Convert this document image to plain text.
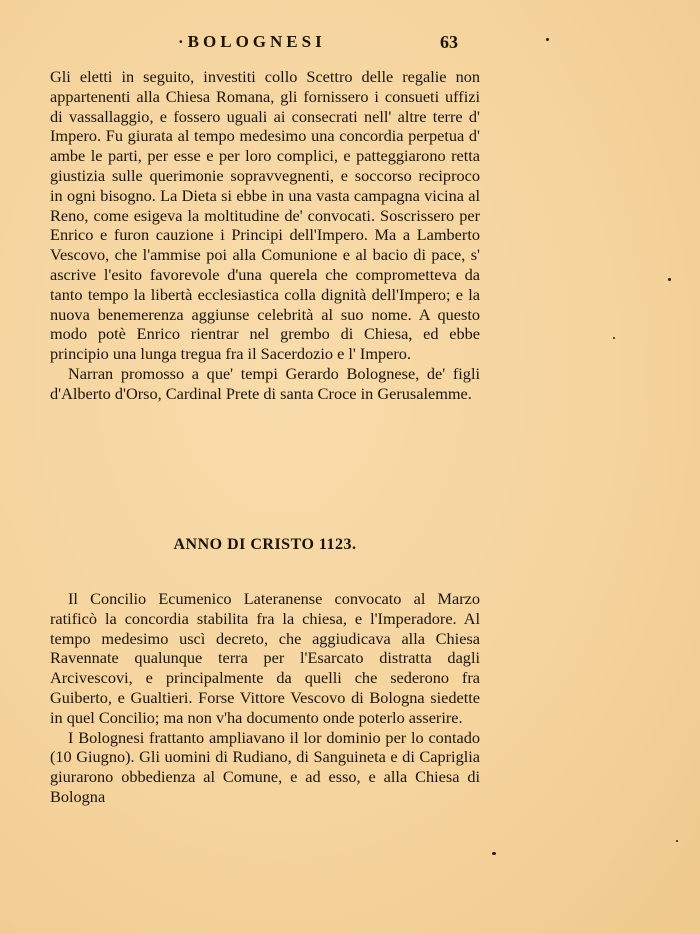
·BOLOGNESI	63

Gli eletti in seguito, investiti collo Scettro delle regalie non appartenenti alla Chiesa Romana, gli fornissero i consueti uffizi di vassallaggio, e fossero uguali ai consecrati nell' altre terre d' Impero. Fu giurata al tempo medesimo una concordia perpetua d' ambe le parti, per esse e per loro complici, e patteggiarono retta giustizia sulle querimonie sopravvegnenti, e soccorso reciproco in ogni bisogno. La Dieta si ebbe in una vasta campagna vicina al Reno, come esigeva la moltitudine de' convocati. Soscrissero per Enrico e furon cauzione i Principi dell'Impero. Ma a Lamberto Vescovo, che l'ammise poi alla Comunione e al bacio di pace, s' ascrive l'esito favorevole d'una querela che comprometteva da tanto tempo la libertà ecclesiastica colla dignità dell'Impero; e la nuova benemerenza aggiunse celebrità al suo nome. A questo modo potè Enrico rientrar nel grembo di Chiesa, ed ebbe principio una lunga tregua fra il Sacerdozio e l' Impero.

Narran promosso a que' tempi Gerardo Bolognese, de' figli d'Alberto d'Orso, Cardinal Prete di santa Croce in Gerusalemme.

ANNO DI CRISTO 1123.

Il Concilio Ecumenico Lateranense convocato al Marzo ratificò la concordia stabilita fra la chiesa, e l'Imperadore. Al tempo medesimo uscì decreto, che aggiudicava alla Chiesa Ravennate qualunque terra per l'Esarcato distratta dagli Arcivescovi, e principalmente da quelli che sederono fra Guiberto, e Gualtieri. Forse Vittore Vescovo di Bologna siedette in quel Concilio; ma non v'ha documento onde poterlo asserire.

I Bolognesi frattanto ampliavano il lor dominio per lo contado (10 Giugno). Gli uomini di Rudiano, di Sanguineta e di Capriglia giurarono obbedienza al Comune, e ad esso, e alla Chiesa di Bologna
